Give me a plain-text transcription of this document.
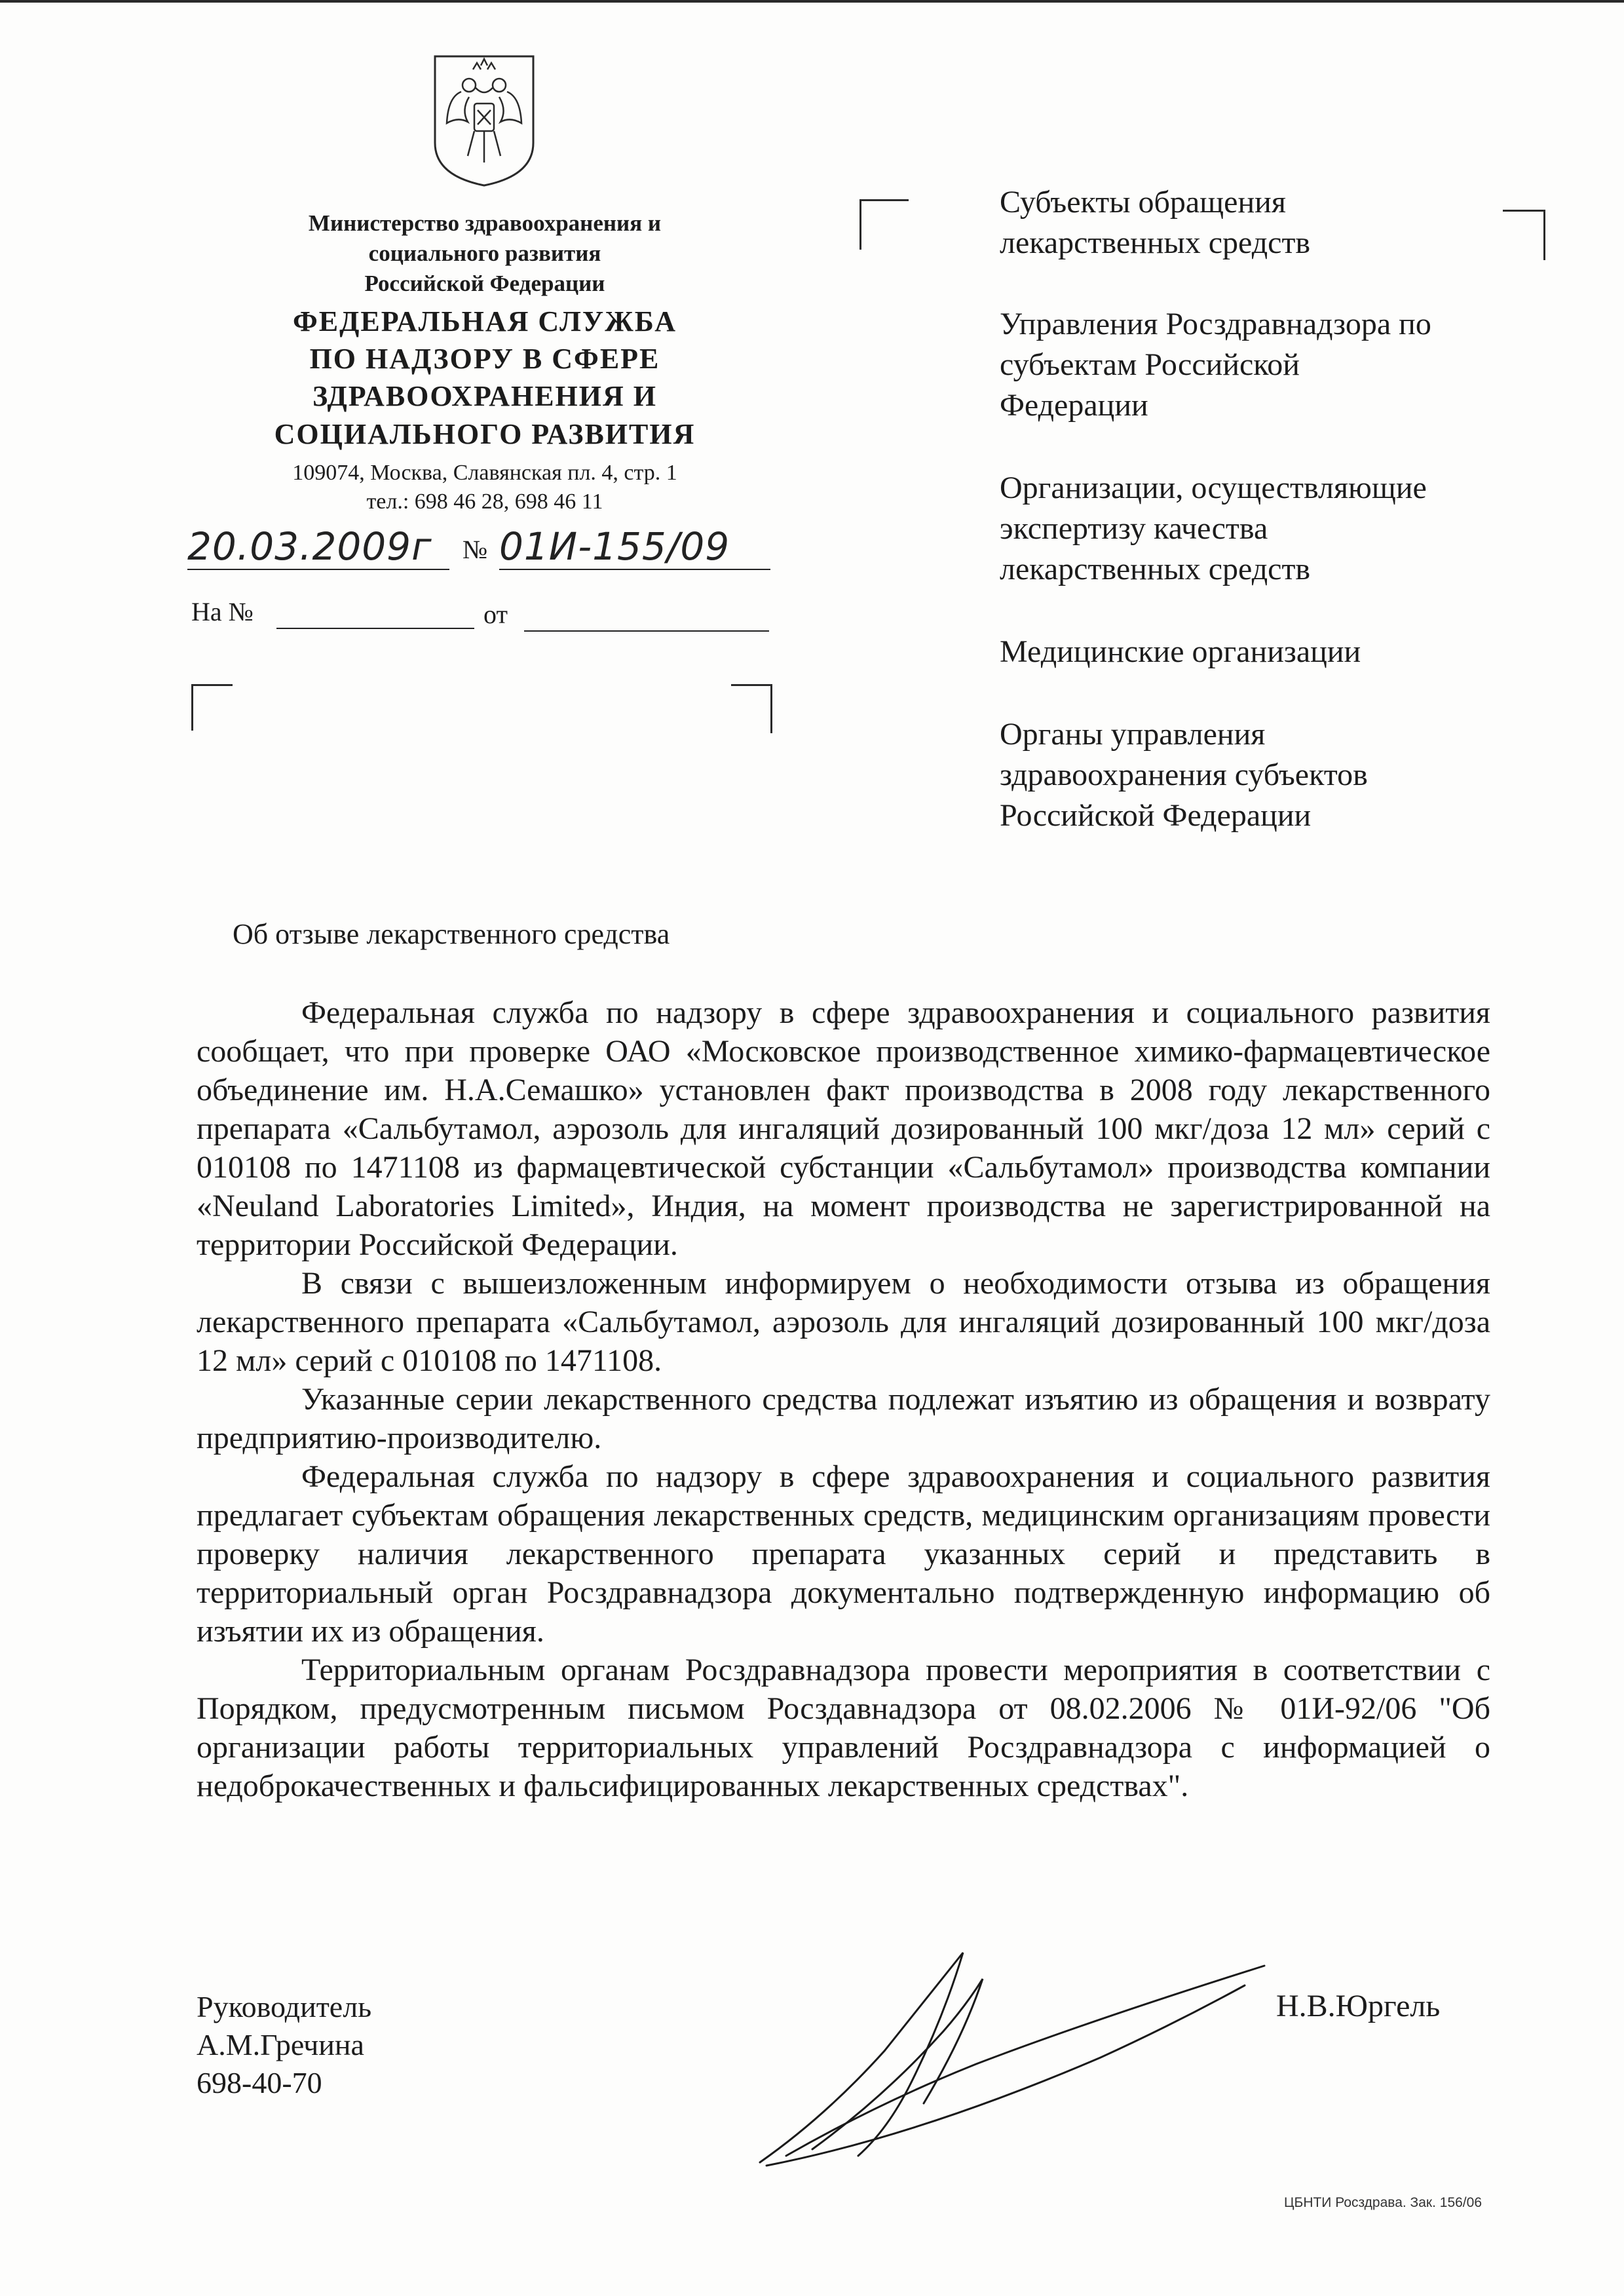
Министерство здравоохранения и
социального развития
Российской Федерации
ФЕДЕРАЛЬНАЯ СЛУЖБА
ПО НАДЗОРУ В СФЕРЕ
ЗДРАВООХРАНЕНИЯ И
СОЦИАЛЬНОГО РАЗВИТИЯ
109074, Москва, Славянская пл. 4, стр. 1
тел.: 698 46 28, 698 46 11
20.03.2009г	№ 01И-155/09
На №	от
Субъекты обращения
лекарственных средств
Управления Росздравнадзора по
субъектам Российской
Федерации
Организации, осуществляющие
экспертизу качества
лекарственных средств
Медицинские организации
Органы управления
здравоохранения субъектов
Российской Федерации
Об отзыве лекарственного средства

Федеральная служба по надзору в сфере здравоохранения и социального развития сообщает, что при проверке ОАО «Московское производственное химико-фармацевтическое объединение им. Н.А.Семашко» установлен факт производства в 2008 году лекарственного препарата «Сальбутамол, аэрозоль для ингаляций дозированный 100 мкг/доза 12 мл» серий с 010108 по 1471108 из фармацевтической субстанции «Сальбутамол» производства компании «Neuland Laboratories Limited», Индия, на момент производства не зарегистрированной на территории Российской Федерации.

В связи с вышеизложенным информируем о необходимости отзыва из обращения лекарственного препарата «Сальбутамол, аэрозоль для ингаляций дозированный 100 мкг/доза 12 мл» серий с 010108 по 1471108.

Указанные серии лекарственного средства подлежат изъятию из обращения и возврату предприятию-производителю.

Федеральная служба по надзору в сфере здравоохранения и социального развития предлагает субъектам обращения лекарственных средств, медицинским организациям провести проверку наличия лекарственного препарата указанных серий и представить в территориальный орган Росздравнадзора документально подтвержденную информацию об изъятии их из обращения.

Территориальным органам Росздравнадзора провести мероприятия в соответствии с Порядком, предусмотренным письмом Росздавнадзора от 08.02.2006 № 01И-92/06 "Об организации работы территориальных управлений Росздравнадзора с информацией о недоброкачественных и фальсифицированных лекарственных средствах".

Руководитель
А.М.Гречина
698-40-70
Н.В.Юргель
ЦБНТИ Росздрава. Зак. 156/06
